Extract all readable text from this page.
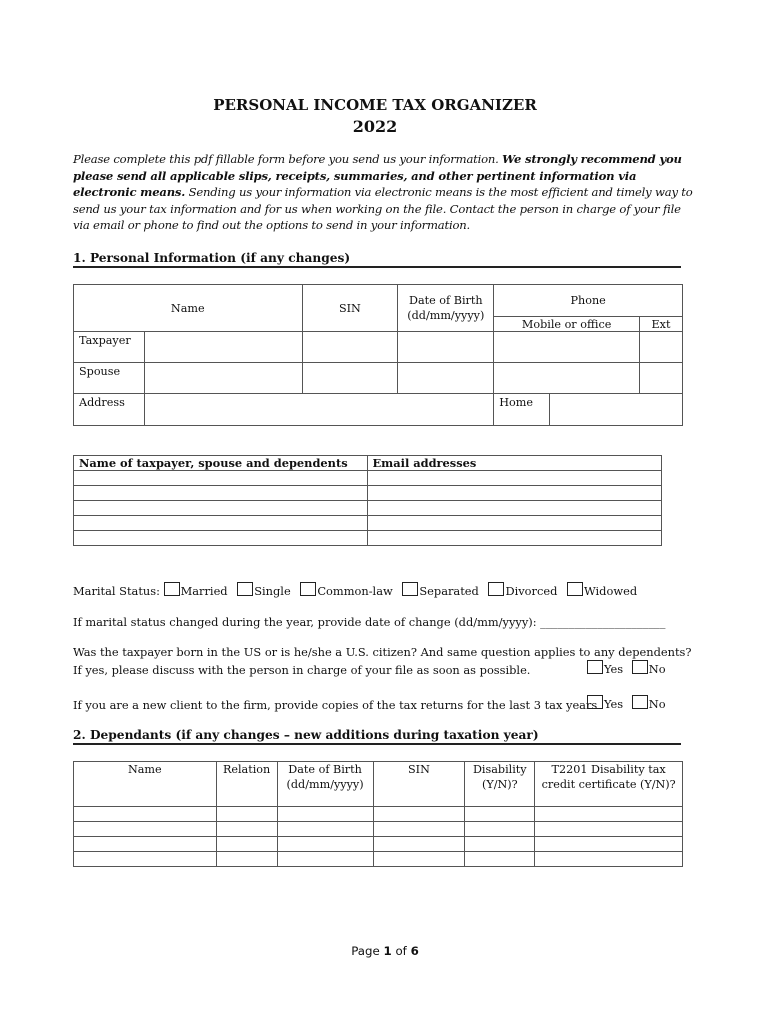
PERSONAL INCOME TAX ORGANIZER
2022
Please complete this pdf fillable form before you send us your information. We strongly recommend you please send all applicable slips, receipts, summaries, and other pertinent information via electronic means. Sending us your information via electronic means is the most efficient and timely way to send us your tax information and for us when working on the file. Contact the person in charge of your file via email or phone to find out the options to send in your information.
1. Personal Information (if any changes)
Name		SIN	Date of Birth (dd/mm/yyyy)	Phone	
				Mobile or office	Ext
Taxpayer					
Spouse					
Address				Home	
Name of taxpayer, spouse and dependents	Email addresses

Marital Status: Married Single Common-law Separated Divorced Widowed
If marital status changed during the year, provide date of change (dd/mm/yyyy): ______________________
Was the taxpayer born in the US or is he/she a U.S. citizen? And same question applies to any dependents?
If yes, please discuss with the person in charge of your file as soon as possible.	Yes No
If you are a new client to the firm, provide copies of the tax returns for the last 3 tax years Yes No
2. Dependants (if any changes – new additions during taxation year)
Name	Relation	Date of Birth (dd/mm/yyyy)	SIN	Disability (Y/N)?	T2201 Disability tax credit certificate (Y/N)?

Page 1 of 6
